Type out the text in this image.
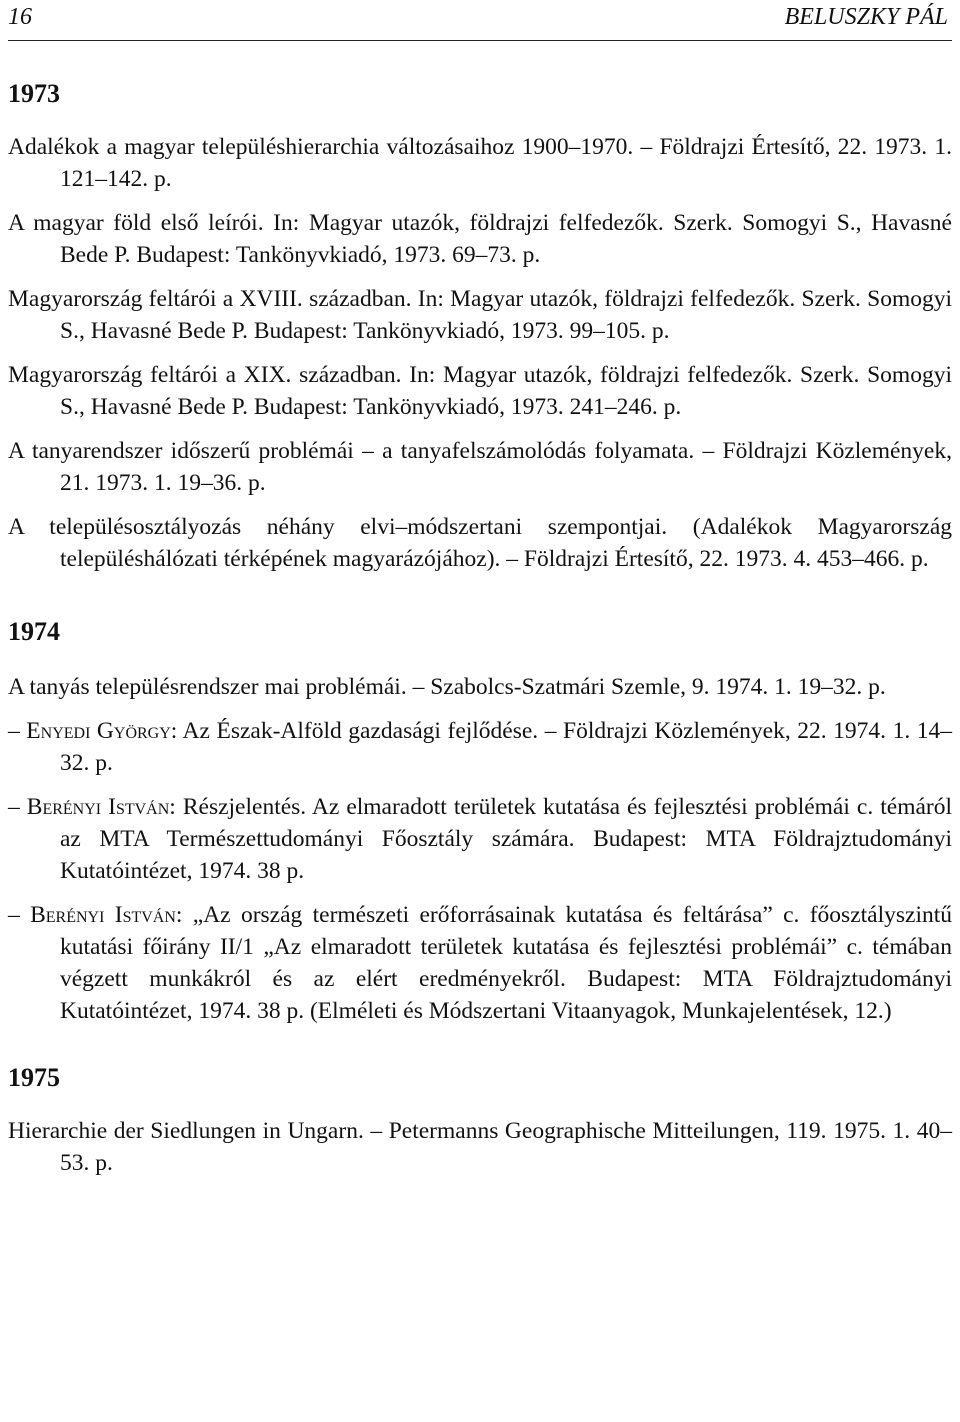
16	BELUSZKY PÁL
1973

Adalékok a magyar településhierarchia változásaihoz 1900–1970. – Földrajzi Értesítő, 22. 1973. 1. 121–142. p.

A magyar föld első leírói. In: Magyar utazók, földrajzi felfedezők. Szerk. Somogyi S., Havasné Bede P. Budapest: Tankönyvkiadó, 1973. 69–73. p.

Magyarország feltárói a XVIII. században. In: Magyar utazók, földrajzi felfedezők. Szerk. Somogyi S., Havasné Bede P. Budapest: Tankönyvkiadó, 1973. 99–105. p.

Magyarország feltárói a XIX. században. In: Magyar utazók, földrajzi felfedezők. Szerk. Somogyi S., Havasné Bede P. Budapest: Tankönyvkiadó, 1973. 241–246. p.

A tanyarendszer időszerű problémái – a tanyafelszámolódás folyamata. – Földrajzi Közlemények, 21. 1973. 1. 19–36. p.

A településosztályozás néhány elvi–módszertani szempontjai. (Adalékok Magyarország településhálózati térképének magyarázójához). – Földrajzi Értesítő, 22. 1973. 4. 453–466. p.

1974

A tanyás településrendszer mai problémái. – Szabolcs-Szatmári Szemle, 9. 1974. 1. 19–32. p.

– Enyedi György: Az Észak-Alföld gazdasági fejlődése. – Földrajzi Közlemények, 22. 1974. 1. 14–32. p.

– Berényi István: Részjelentés. Az elmaradott területek kutatása és fejlesztési problémái c. témáról az MTA Természettudományi Főosztály számára. Budapest: MTA Földrajztudományi Kutatóintézet, 1974. 38 p.

– Berényi István: „Az ország természeti erőforrásainak kutatása és feltárása” c. főosztályszintű kutatási főirány II/1 „Az elmaradott területek kutatása és fejlesztési problémái” c. témában végzett munkákról és az elért eredményekről. Budapest: MTA Földrajztudományi Kutatóintézet, 1974. 38 p. (Elméleti és Módszertani Vitaanyagok, Munkajelentések, 12.)

1975

Hierarchie der Siedlungen in Ungarn. – Petermanns Geographische Mitteilungen, 119. 1975. 1. 40–53. p.
